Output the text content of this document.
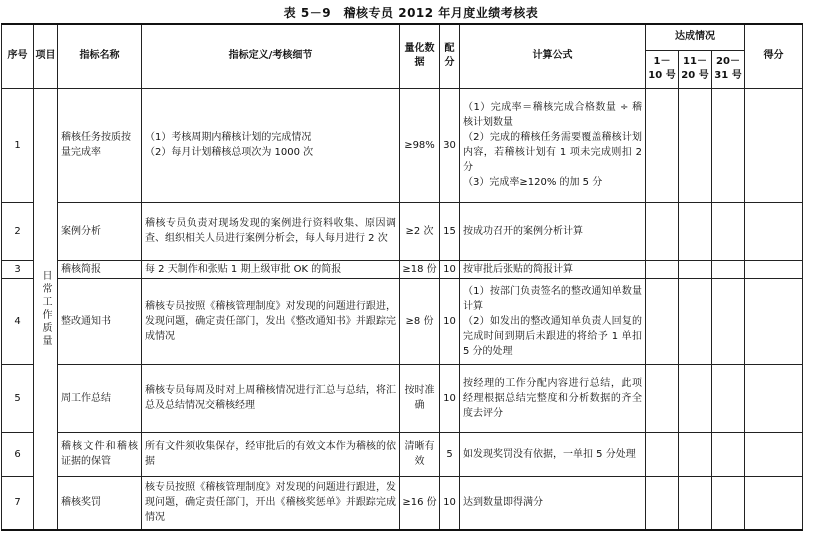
表 5－9　稽核专员 2012 年月度业绩考核表
序号	项目	指标名称	指标定义/考核细节	量化数据	配分	计算公式	达成情况			得分
							1－10 号	11－20 号	20－31 号	
1	日常工作质量	稽核任务按质按量完成率	（1）考核周期内稽核计划的完成情况
（2）每月计划稽核总项次为 1000 次	≥98%	30	（1）完成率＝稽核完成合格数量 ÷ 稽核计划数量
（2）完成的稽核任务需要覆盖稽核计划内容，若稽核计划有 1 项未完成则扣 2 分
（3）完成率≥120% 的加 5 分				

2		案例分析	稽核专员负责对现场发现的案例进行资料收集、原因调查、组织相关人员进行案例分析会，每人每月进行 2 次	≥2 次	15	按成功召开的案例分析计算				
3		稽核简报	每 2 天制作和张贴 1 期上级审批 OK 的简报	≥18 份	10	按审批后张贴的简报计算				
4		整改通知书	稽核专员按照《稽核管理制度》对发现的问题进行跟进，发现问题，确定责任部门，发出《整改通知书》并跟踪完成情况	≥8 份	10	（1）按部门负责签名的整改通知单数量计算
（2）如发出的整改通知单负责人回复的完成时间到期后未跟进的将给予 1 单扣 5 分的处理				

5		周工作总结	稽核专员每周及时对上周稽核情况进行汇总与总结，将汇总及总结情况交稽核经理	按时准确	10	按经理的工作分配内容进行总结，此项经理根据总结完整度和分析数据的齐全度去评分				
6		稽核文件和稽核证据的保管	所有文件须收集保存，经审批后的有效文本作为稽核的依据	清晰有效	5	如发现奖罚没有依据，一单扣 5 分处理				
7		稽核奖罚	核专员按照《稽核管理制度》对发现的问题进行跟进，发现问题，确定责任部门，开出《稽核奖惩单》并跟踪完成情况	≥16 份	10	达到数量即得满分				
